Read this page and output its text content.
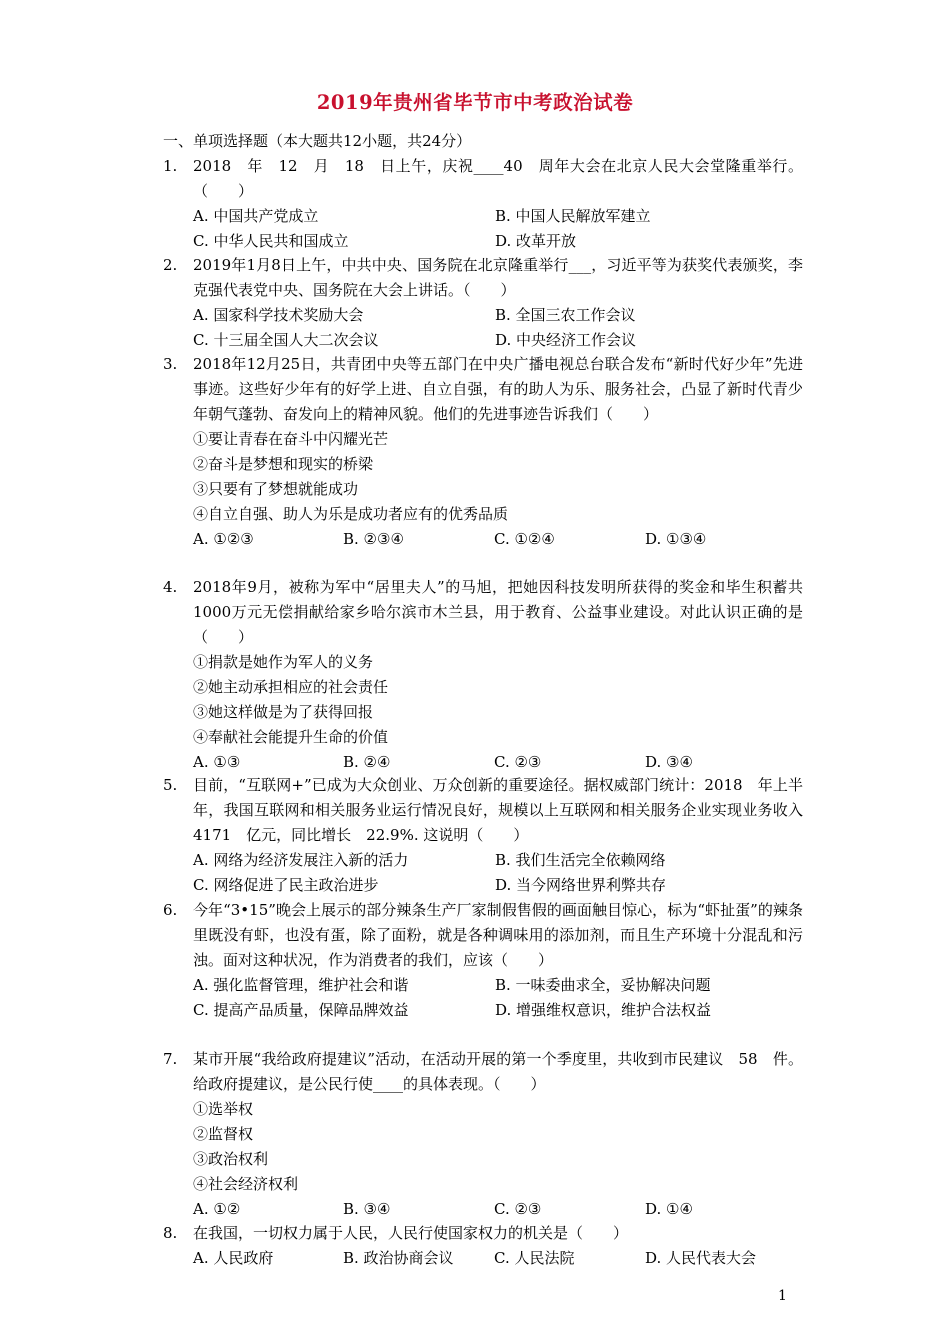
2019年贵州省毕节市中考政治试卷
一、单项选择题（本大题共12小题，共24分）
1. 2018　年　12　月　18　日上午，庆祝____40　周年大会在北京人民大会堂隆重举行。（　　）
A. 中国共产党成立	B. 中国人民解放军建立
C. 中华人民共和国成立	D. 改革开放
2. 2019年1月8日上午，中共中央、国务院在北京隆重举行___，习近平等为获奖代表颁奖，李克强代表党中央、国务院在大会上讲话。（　　）
A. 国家科学技术奖励大会	B. 全国三农工作会议
C. 十三届全国人大二次会议	D. 中央经济工作会议
3. 2018年12月25日，共青团中央等五部门在中央广播电视总台联合发布“新时代好少年”先进事迹。这些好少年有的好学上进、自立自强，有的助人为乐、服务社会，凸显了新时代青少年朝气蓬勃、奋发向上的精神风貌。他们的先进事迹告诉我们（　　）
①要让青春在奋斗中闪耀光芒
②奋斗是梦想和现实的桥梁
③只要有了梦想就能成功
④自立自强、助人为乐是成功者应有的优秀品质
A. ①②③	B. ②③④	C. ①②④	D. ①③④
4. 2018年9月，被称为军中“居里夫人”的马旭，把她因科技发明所获得的奖金和毕生积蓄共　1000万元无偿捐献给家乡哈尔滨市木兰县，用于教育、公益事业建设。对此认识正确的是（　　）
①捐款是她作为军人的义务
②她主动承担相应的社会责任
③她这样做是为了获得回报
④奉献社会能提升生命的价值
A. ①③	B. ②④	C. ②③	D. ③④
5. 目前，“互联网+”已成为大众创业、万众创新的重要途径。据权威部门统计：2018　年上半年，我国互联网和相关服务业运行情况良好，规模以上互联网和相关服务企业实现业务收入　4171　亿元，同比增长　22.9%. 这说明（　　）
A. 网络为经济发展注入新的活力	B. 我们生活完全依赖网络
C. 网络促进了民主政治进步	D. 当今网络世界利弊共存
6. 今年“3•15”晚会上展示的部分辣条生产厂家制假售假的画面触目惊心，标为“虾扯蛋”的辣条里既没有虾，也没有蛋，除了面粉，就是各种调味用的添加剂，而且生产环境十分混乱和污浊。面对这种状况，作为消费者的我们，应该（　　）
A. 强化监督管理，维护社会和谐	B. 一味委曲求全，妥协解决问题
C. 提高产品质量，保障品牌效益	D. 增强维权意识，维护合法权益
7. 某市开展“我给政府提建议”活动，在活动开展的第一个季度里，共收到市民建议　58　件。给政府提建议，是公民行使____的具体表现。（　　）
①选举权
②监督权
③政治权利
④社会经济权利
A. ①②	B. ③④	C. ②③	D. ①④
8. 在我国，一切权力属于人民，人民行使国家权力的机关是（　　）
A. 人民政府	B. 政治协商会议	C. 人民法院	D. 人民代表大会
1
